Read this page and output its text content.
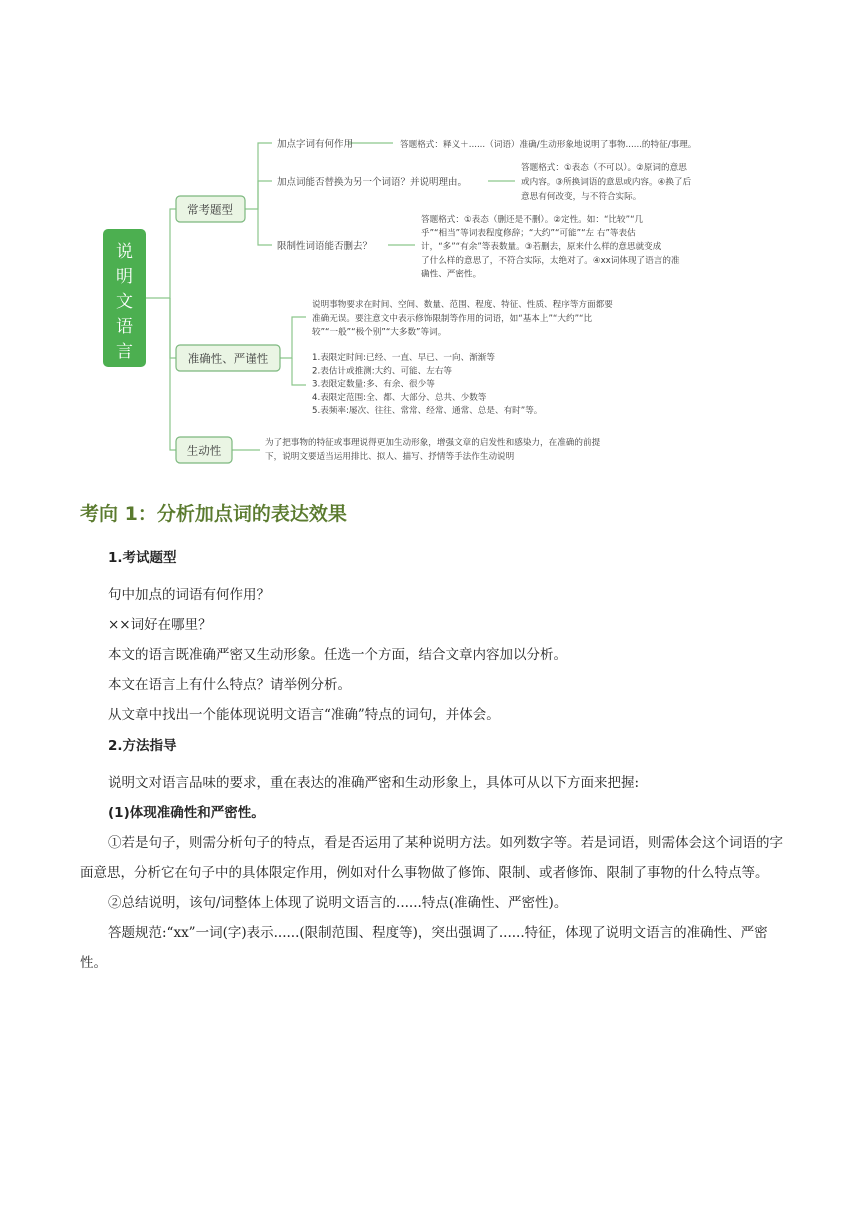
说
明
文
语
言
常考题型
准确性、严谨性
生动性
加点字词有何作用
加点词能否替换为另一个词语？并说明理由。
限制性词语能否删去？
答题格式：释义＋......（词语）准确/生动形象地说明了事物......的特征/事理。
答题格式：①表态（不可以）。②原词的意思
或内容。③所换词语的意思或内容。④换了后
意思有何改变，与不符合实际。
答题格式：①表态（删还是不删）。②定性。如：“比较”“几
乎”“相当”等词表程度修辞；“大约”“可能”“左 右”等表估
计，“多”“有余”等表数量。③若删去，原来什么样的意思就变成
了什么样的意思了，不符合实际，太绝对了。④xx词体现了语言的准
确性、严密性。
说明事物要求在时间、空间、数量、范围、程度、特征、性质、程序等方面都要
准确无误。要注意文中表示修饰限制等作用的词语，如“基本上”“大约”“比
较”“一般”“极个别”“大多数”等词。
1.表限定时间:已经、一直、早已、一向、渐渐等
2.表估计或推测:大约、可能、左右等
3.表限定数量:多、有余、很少等
4.表限定范围:全、都、大部分、总共、少数等
5.表频率:屡次、往往、常常、经常、通常、总是、有时”等。
为了把事物的特征或事理说得更加生动形象，增强文章的启发性和感染力，在准确的前提
下，说明文要适当运用排比、拟人、描写、抒情等手法作生动说明
考向 1：分析加点词的表达效果
1.考试题型

句中加点的词语有何作用？

××词好在哪里？

本文的语言既准确严密又生动形象。任选一个方面，结合文章内容加以分析。

本文在语言上有什么特点？请举例分析。

从文章中找出一个能体现说明文语言“准确”特点的词句，并体会。

2.方法指导

说明文对语言品味的要求，重在表达的准确严密和生动形象上，具体可从以下方面来把握:

(1)体现准确性和严密性。

①若是句子，则需分析句子的特点，看是否运用了某种说明方法。如列数字等。若是词语，则需体会这个词语的字面意思，分析它在句子中的具体限定作用，例如对什么事物做了修饰、限制、或者修饰、限制了事物的什么特点等。

②总结说明，该句/词整体上体现了说明文语言的......特点(准确性、严密性)。

答题规范:“xx”一词(字)表示......(限制范围、程度等)，突出强调了......特征，体现了说明文语言的准确性、严密性。
